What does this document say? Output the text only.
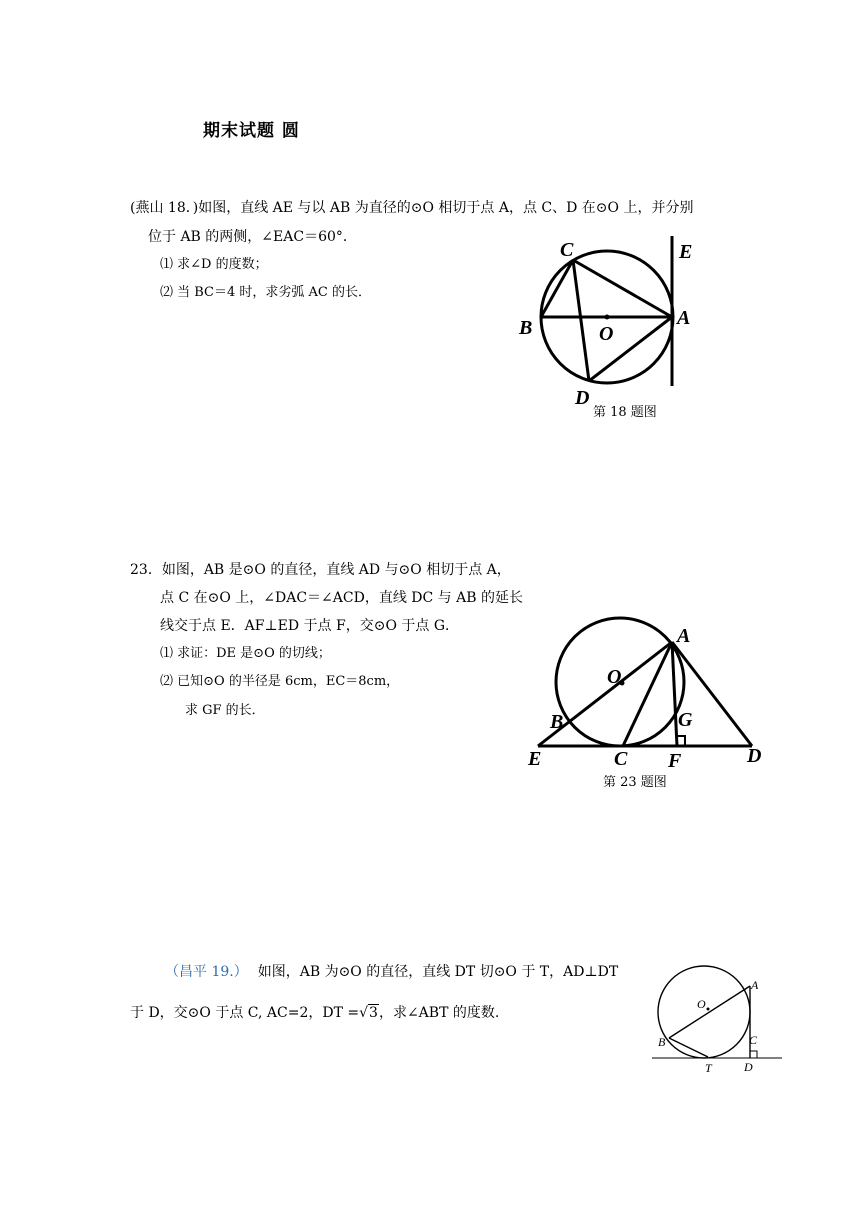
期末试题 圆
(燕山 18．)如图，直线 AE 与以 AB 为直径的⊙O 相切于点 A，点 C、D 在⊙O 上，并分别
位于 AB 的两侧，∠EAC＝60°．
⑴ 求∠D 的度数；
⑵ 当 BC＝4 时，求劣弧 AC 的长．
C	E
B	O
A
D
第 18 题图
23．如图，AB 是⊙O 的直径，直线 AD 与⊙O 相切于点 A，
点 C 在⊙O 上，∠DAC＝∠ACD，直线 DC 与 AB 的延长
线交于点 E．AF⊥ED 于点 F，交⊙O 于点 G．
⑴ 求证：DE 是⊙O 的切线；
⑵ 已知⊙O 的半径是 6cm，EC＝8cm，
求 GF 的长．
A
O
B	G
E	C F	D
第 23 题图
（昌平 19.） 如图，AB 为⊙O 的直径，直线 DT 切⊙O 于 T，AD⊥DT
于 D，交⊙O 于点 C, AC=2，DT =√3，求∠ABT 的度数.
A
O
C
B
T	D
